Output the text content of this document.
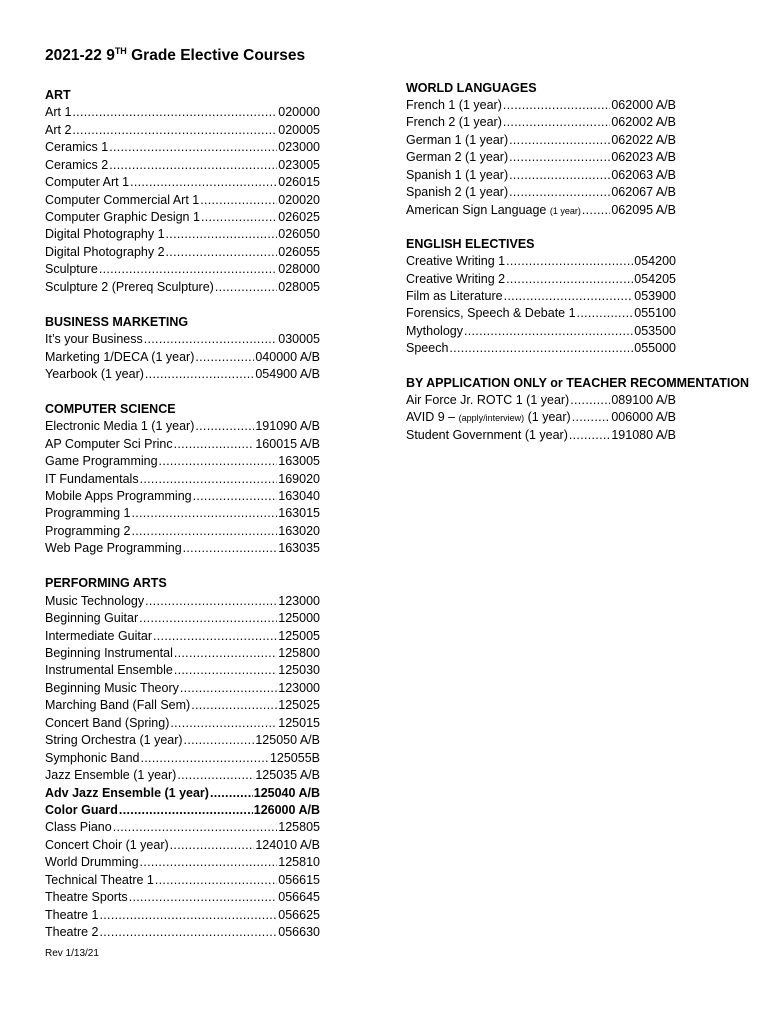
2021-22 9TH Grade Elective Courses
ART
Art 1 .....	020000
Art 2 .....	020005
Ceramics 1 .....	023000
Ceramics 2 .....	023005
Computer Art 1 .....	026015
Computer Commercial Art 1 .....	020020
Computer Graphic Design 1 .....	026025
Digital Photography 1 .....	026050
Digital Photography 2 .....	026055
Sculpture .....	028000
Sculpture 2 (Prereq Sculpture) .....	028005
BUSINESS MARKETING
It’s your Business .....	030005
Marketing 1/DECA (1 year) .....	040000 A/B
Yearbook (1 year) .....	054900 A/B
COMPUTER SCIENCE
Electronic Media 1 (1 year) .....	191090 A/B
AP Computer Sci Princ .....	160015 A/B
Game Programming .....	163005
IT Fundamentals .....	169020
Mobile Apps Programming .....	163040
Programming 1 .....	163015
Programming 2 .....	163020
Web Page Programming .....	163035
PERFORMING ARTS
Music Technology .....	123000
Beginning Guitar .....	125000
Intermediate Guitar .....	125005
Beginning Instrumental .....	125800
Instrumental Ensemble .....	125030
Beginning Music Theory .....	123000
Marching Band (Fall Sem) .....	125025
Concert Band (Spring) .....	125015
String Orchestra (1 year) .....	125050 A/B
Symphonic Band .....	125055B
Jazz Ensemble (1 year) .....	125035 A/B
Adv Jazz Ensemble (1 year) .....	125040 A/B
Color Guard .....	126000 A/B
Class Piano .....	125805
Concert Choir (1 year) .....	124010 A/B
World Drumming .....	125810
Technical Theatre 1 .....	056615
Theatre Sports .....	056645
Theatre 1 .....	056625
Theatre 2 .....	056630
WORLD LANGUAGES
French 1 (1 year) .....	062000 A/B
French 2 (1 year) .....	062002 A/B
German 1 (1 year) .....	062022 A/B
German 2 (1 year) .....	062023 A/B
Spanish 1 (1 year) .....	062063 A/B
Spanish 2 (1 year) .....	062067 A/B
American Sign Language (1 year) ..... 062095 A/B
ENGLISH ELECTIVES
Creative Writing 1 .....	054200
Creative Writing 2 .....	054205
Film as Literature .....	053900
Forensics, Speech & Debate 1 .....	055100
Mythology .....	053500
Speech .....	055000
BY APPLICATION ONLY or TEACHER RECOMMENTATION
Air Force Jr. ROTC 1 (1 year) .....	089100 A/B
AVID 9 – (apply/interview) (1 year) .....	006000 A/B
Student Government (1 year) .....	191080 A/B
Rev 1/13/21
